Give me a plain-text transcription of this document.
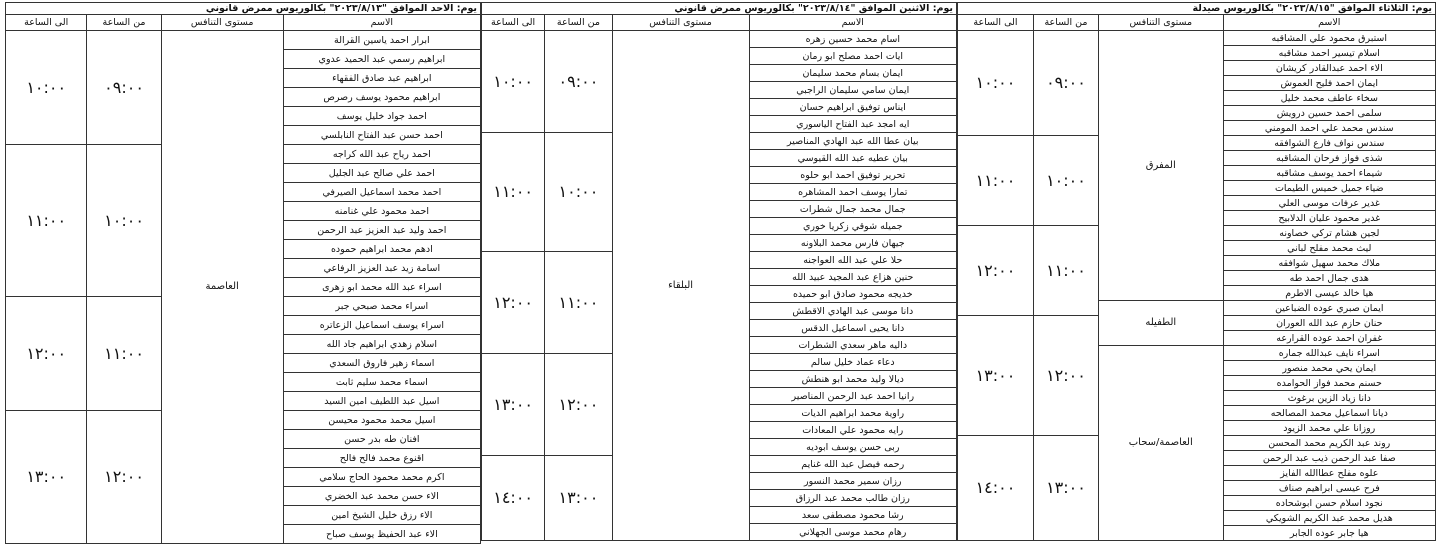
يوم: الثلاثاء الموافق "٢٠٢٣/٨/١٥" بكالوريوس صيدلة			
الاسم	مستوى التنافس	من الساعة	الى الساعة
استبرق محمود علي المشاقبه	المفرق	٠٩:٠٠	١٠:٠٠
اسلام تيسير احمد مشاقبه			
الاء احمد عبدالقادر كريشان			
ايمان احمد فليح العموش			
سخاء عاطف محمد خليل			
سلمى احمد حسين درويش			
سندس محمد علي احمد المومني			
سندس نواف فارع الشوافقه		١٠:٠٠	١١:٠٠
شذى فواز فرحان المشاقبه			
شيماء احمد يوسف مشاقبه			
ضياء جميل خميس الطيمات			
غدير عرفات موسى العلي			
غدير محمود عليان الدلابيح			
لجين هشام تركي خصاونه		١١:٠٠	١٢:٠٠
ليث محمد مفلح لباني			
ملاك محمد سهيل شوافقه			
هدى جمال احمد طه			
هيا خالد عيسى الاطرم			
ايمان صبري عوده الضباعين	الطفيله		
حنان حازم عبد الله العوران		١٢:٠٠	١٣:٠٠
غفران احمد عوده القرارعه			
اسراء نايف عبدالله جماره	العاصمة/سحاب		
ايمان يحي محمد منصور			
حسنم محمد فواز الحوامده			
دانا زياد الزين برغوث			
ديانا اسماعيل محمد المصالحه			
روزانا علي محمد الزيود			
روند عبد الكريم محمد المحسن		١٣:٠٠	١٤:٠٠
صفا عبد الرحمن ذيب عبد الرحمن			
علوه مفلح عطاالله الفايز			
فرح عيسى ابراهيم صناف			
نجود اسلام حسن ابوشحاده			
هديل محمد عبد الكريم الشويكي			
هيا جابر عوده الجابر			
يوم: الاثنين الموافق "٢٠٢٣/٨/١٤" بكالوريوس ممرض قانوني			
الاسم	مستوى التنافس	من الساعة	الى الساعة
اسام محمد حسين زهره	البلقاء	٠٩:٠٠	١٠:٠٠
ايات احمد مصلح ابو رمان			
ايمان بسام محمد سليمان			
ايمان سامي سليمان الراجبي			
ايناس توفيق ابراهيم حسان			
ايه امجد عبد الفتاح الياسوري			
بيان عطا الله عبد الهادي المناصير		١٠:٠٠	١١:٠٠
بيان عطيه عبد الله القيوسي			
تحرير توفيق احمد ابو حلوه			
تمارا يوسف احمد المشاهره			
جمال محمد جمال شطرات			
جميله شوقي زكريا خوري			
جيهان فارس محمد البلاونه			
حلا علي عبد الله العواجنه		١١:٠٠	١٢:٠٠
حنين هزاع عبد المجيد عبيد الله			
خديجه محمود صادق ابو حميده			
دانا موسى عبد الهادي الاقطش			
دانا يحيى اسماعيل الدقس			
داليه ماهر سعدي الشطرات			
دعاء عماد خليل سالم		١٢:٠٠	١٣:٠٠
ديالا وليد محمد ابو هنطش			
رانيا احمد عبد الرحمن المناصير			
راوية محمد ابراهيم الديات			
رايه محمود علي المعادات			
ربى حسن يوسف ابوديه			
رحمه فيصل عبد الله غنايم		١٣:٠٠	١٤:٠٠
رزان سمير محمد النسور			
رزان طالب محمد عبد الرزاق			
رشا محمود مصطفى سعد			
رهام محمد موسى الجهلاني			
يوم: الاحد الموافق "٢٠٢٣/٨/١٣" بكالوريوس ممرض قانوني			
الاسم	مستوى التنافس	من الساعة	الى الساعة
ابرار احمد ياسين القرالة	العاصمة	٠٩:٠٠	١٠:٠٠
ابراهيم رسمي عبد الحميد عدوي			
ابراهيم عبد صادق الفقهاء			
ابراهيم محمود يوسف رصرص			
احمد جواد خليل يوسف			
احمد حسن عبد الفتاح النابلسي			
احمد رياح عبد الله كراجه		١٠:٠٠	١١:٠٠
احمد علي صالح عبد الجليل			
احمد محمد اسماعيل الصيرفي			
احمد محمود علي غنامنه			
احمد وليد عبد العزيز عبد الرحمن			
ادهم محمد ابراهيم حموده			
اسامة زيد عبد العزيز الرفاعي			
اسراء عبد الله محمد ابو زهرى			
اسراء محمد صبحي جبر		١١:٠٠	١٢:٠٠
اسراء يوسف اسماعيل الزعاتره			
اسلام زهدي ابراهيم جاد الله			
اسماء زهير فاروق السعدي			
اسماء محمد سليم ثابت			
اسيل عبد اللطيف امين السيد			
اسيل محمد محمود محيسن		١٢:٠٠	١٣:٠٠
افنان طه بدر حسن			
اقنوع محمد فالح فالح			
اكرم محمد محمود الحاج سلامي			
الاء حسن محمد عبد الخضري			
الاء رزق خليل الشيخ امين			
الاء عبد الحفيظ يوسف صباح			
